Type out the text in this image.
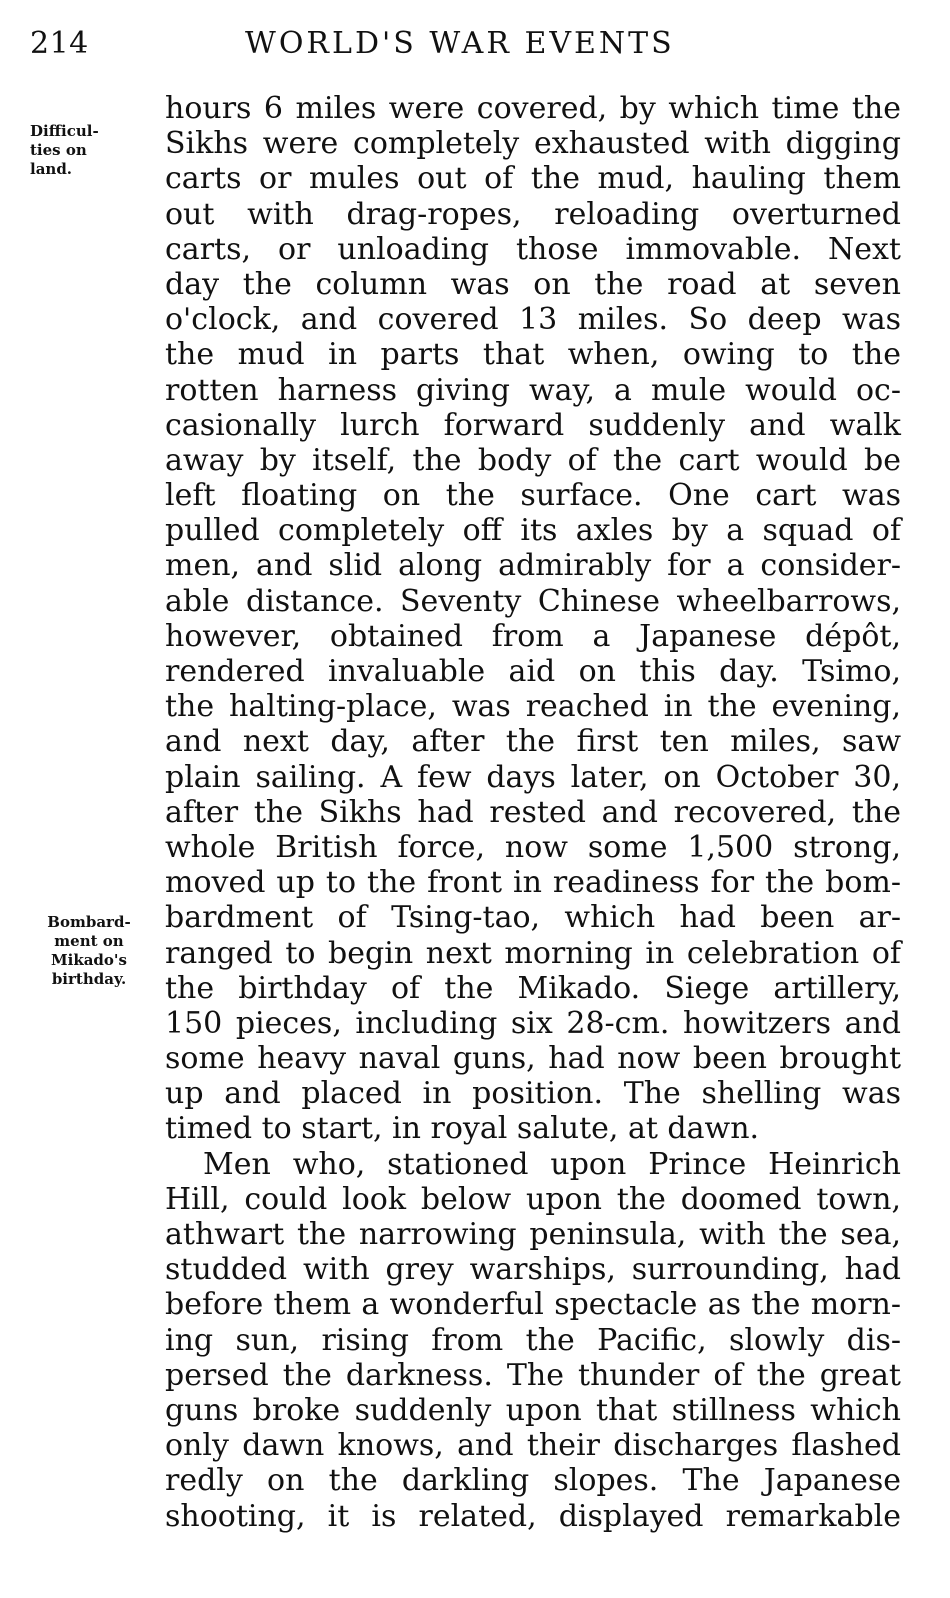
214	WORLD'S WAR EVENTS
Difficul-
ties on
land.
Bombard-
ment on
Mikado's
birthday.
hours 6 miles were covered, by which time the
Sikhs were completely exhausted with digging
carts or mules out of the mud, hauling them
out with drag-ropes, reloading overturned
carts, or unloading those immovable. Next
day the column was on the road at seven
o'clock, and covered 13 miles. So deep was
the mud in parts that when, owing to the
rotten harness giving way, a mule would oc-
casionally lurch forward suddenly and walk
away by itself, the body of the cart would be
left floating on the surface. One cart was
pulled completely off its axles by a squad of
men, and slid along admirably for a consider-
able distance. Seventy Chinese wheelbarrows,
however, obtained from a Japanese dépôt,
rendered invaluable aid on this day. Tsimo,
the halting-place, was reached in the evening,
and next day, after the first ten miles, saw
plain sailing. A few days later, on October 30,
after the Sikhs had rested and recovered, the
whole British force, now some 1,500 strong,
moved up to the front in readiness for the bom-
bardment of Tsing-tao, which had been ar-
ranged to begin next morning in celebration of
the birthday of the Mikado. Siege artillery,
150 pieces, including six 28-cm. howitzers and
some heavy naval guns, had now been brought
up and placed in position. The shelling was
timed to start, in royal salute, at dawn.
Men who, stationed upon Prince Heinrich
Hill, could look below upon the doomed town,
athwart the narrowing peninsula, with the sea,
studded with grey warships, surrounding, had
before them a wonderful spectacle as the morn-
ing sun, rising from the Pacific, slowly dis-
persed the darkness. The thunder of the great
guns broke suddenly upon that stillness which
only dawn knows, and their discharges flashed
redly on the darkling slopes. The Japanese
shooting, it is related, displayed remarkable
